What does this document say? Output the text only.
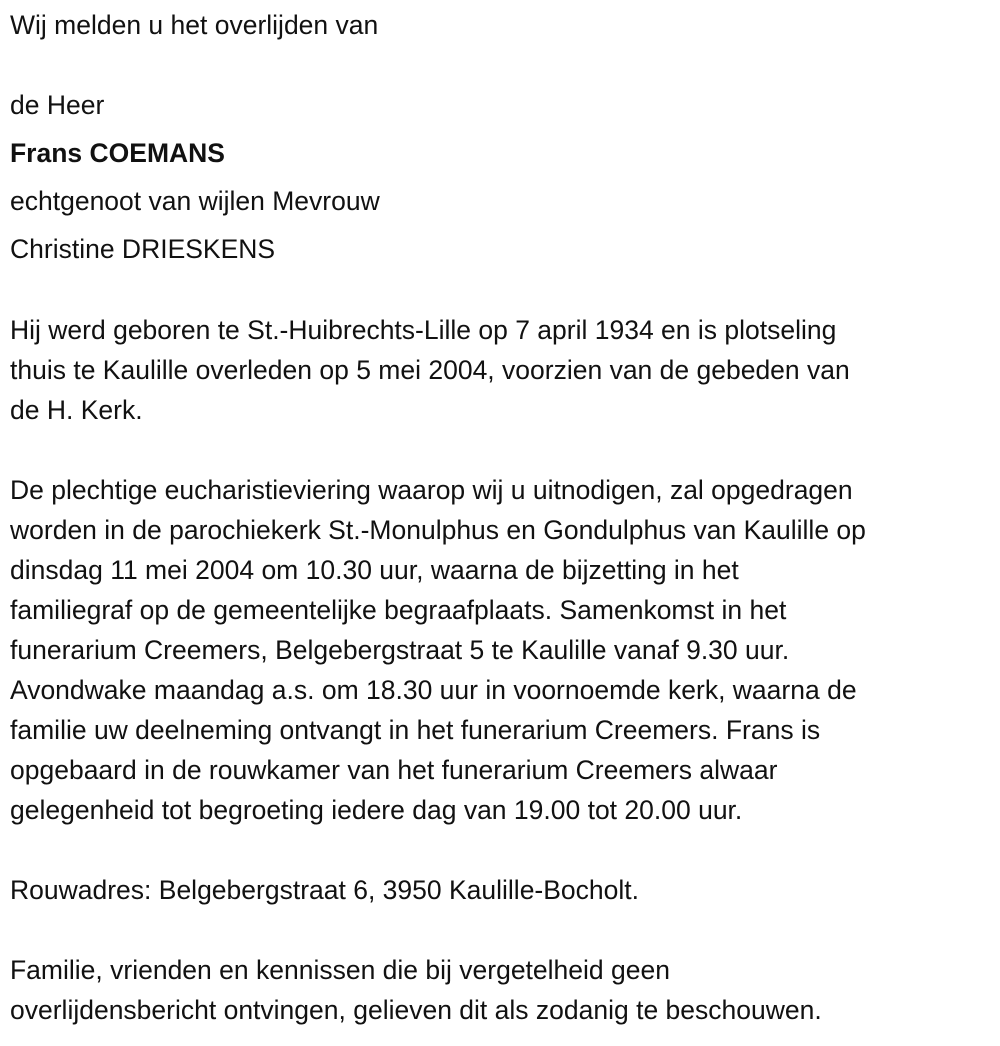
Wij melden u het overlijden van
de Heer
Frans COEMANS
echtgenoot van wijlen Mevrouw
Christine DRIESKENS
Hij werd geboren te St.-Huibrechts-Lille op 7 april 1934 en is plotseling
thuis te Kaulille overleden op 5 mei 2004, voorzien van de gebeden van
de H. Kerk.
De plechtige eucharistieviering waarop wij u uitnodigen, zal opgedragen
worden in de parochiekerk St.-Monulphus en Gondulphus van Kaulille op
dinsdag 11 mei 2004 om 10.30 uur, waarna de bijzetting in het
familiegraf op de gemeentelijke begraafplaats. Samenkomst in het
funerarium Creemers, Belgebergstraat 5 te Kaulille vanaf 9.30 uur.
Avondwake maandag a.s. om 18.30 uur in voornoemde kerk, waarna de
familie uw deelneming ontvangt in het funerarium Creemers. Frans is
opgebaard in de rouwkamer van het funerarium Creemers alwaar
gelegenheid tot begroeting iedere dag van 19.00 tot 20.00 uur.
Rouwadres: Belgebergstraat 6, 3950 Kaulille-Bocholt.
Familie, vrienden en kennissen die bij vergetelheid geen
overlijdensbericht ontvingen, gelieven dit als zodanig te beschouwen.
